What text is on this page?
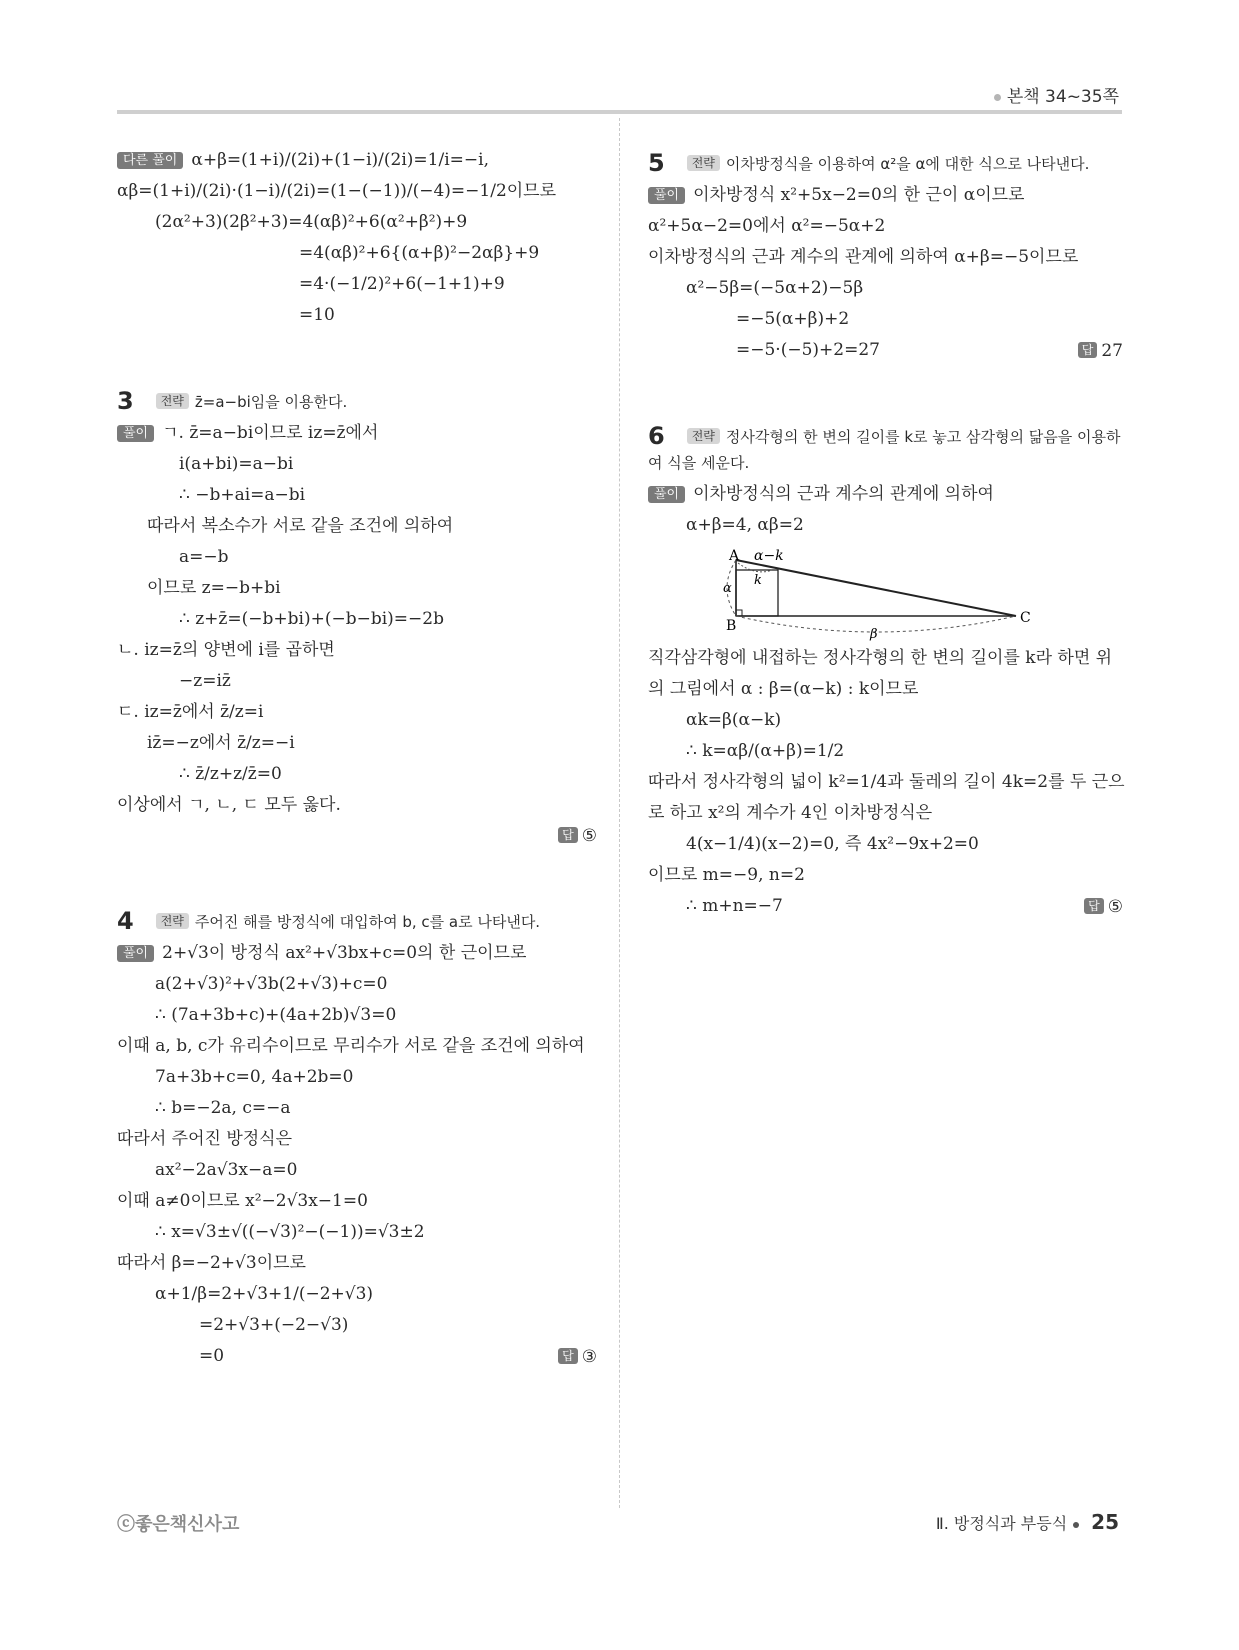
본책 34~35쪽
다른 풀이 α+β=(1+i)/(2i)+(1−i)/(2i)=1/i=−i,
αβ=(1+i)/(2i)·(1−i)/(2i)=(1−(−1))/(−4)=−1/2이므로
(2α²+3)(2β²+3)=4(αβ)²+6(α²+β²)+9
=4(αβ)²+6{(α+β)²−2αβ}+9
=4·(−1/2)²+6(−1+1)+9
=10
3 전략 z̄=a−bi임을 이용한다.
풀이 ㄱ. z̄=a−bi이므로 iz=z̄에서
i(a+bi)=a−bi
∴ −b+ai=a−bi
따라서 복소수가 서로 같을 조건에 의하여
a=−b
이므로 z=−b+bi
∴ z+z̄=(−b+bi)+(−b−bi)=−2b
ㄴ. iz=z̄의 양변에 i를 곱하면
−z=iz̄
ㄷ. iz=z̄에서 z̄/z=i
iz̄=−z에서 z̄/z=−i
∴ z̄/z+z/z̄=0
이상에서 ㄱ, ㄴ, ㄷ 모두 옳다.
답 ⑤
4 전략 주어진 해를 방정식에 대입하여 b, c를 a로 나타낸다.
풀이 2+√3이 방정식 ax²+√3bx+c=0의 한 근이므로
a(2+√3)²+√3b(2+√3)+c=0
∴ (7a+3b+c)+(4a+2b)√3=0
이때 a, b, c가 유리수이므로 무리수가 서로 같을 조건에 의하여
7a+3b+c=0, 4a+2b=0
∴ b=−2a, c=−a
따라서 주어진 방정식은
ax²−2a√3x−a=0
이때 a≠0이므로 x²−2√3x−1=0
∴ x=√3±√((−√3)²−(−1))=√3±2
따라서 β=−2+√3이므로
α+1/β=2+√3+1/(−2+√3)
=2+√3+(−2−√3)
=0	답 ③
5 전략 이차방정식을 이용하여 α²을 α에 대한 식으로 나타낸다.
풀이 이차방정식 x²+5x−2=0의 한 근이 α이므로
α²+5α−2=0에서 α²=−5α+2
이차방정식의 근과 계수의 관계에 의하여 α+β=−5이므로
α²−5β=(−5α+2)−5β
=−5(α+β)+2
=−5·(−5)+2=27	답 27
6 전략 정사각형의 한 변의 길이를 k로 놓고 삼각형의 닮음을 이용하여 식을 세운다.
풀이 이차방정식의 근과 계수의 관계에 의하여
α+β=4, αβ=2
A
B	C
α−k
k
α
β
직각삼각형에 내접하는 정사각형의 한 변의 길이를 k라 하면 위
의 그림에서 α : β=(α−k) : k이므로
αk=β(α−k)
∴ k=αβ/(α+β)=1/2
따라서 정사각형의 넓이 k²=1/4과 둘레의 길이 4k=2를 두 근으
로 하고 x²의 계수가 4인 이차방정식은
4(x−1/4)(x−2)=0, 즉 4x²−9x+2=0
이므로 m=−9, n=2
∴ m+n=−7	답 ⑤
ⓒ좋은책신사고	Ⅱ. 방정식과 부등식 25
